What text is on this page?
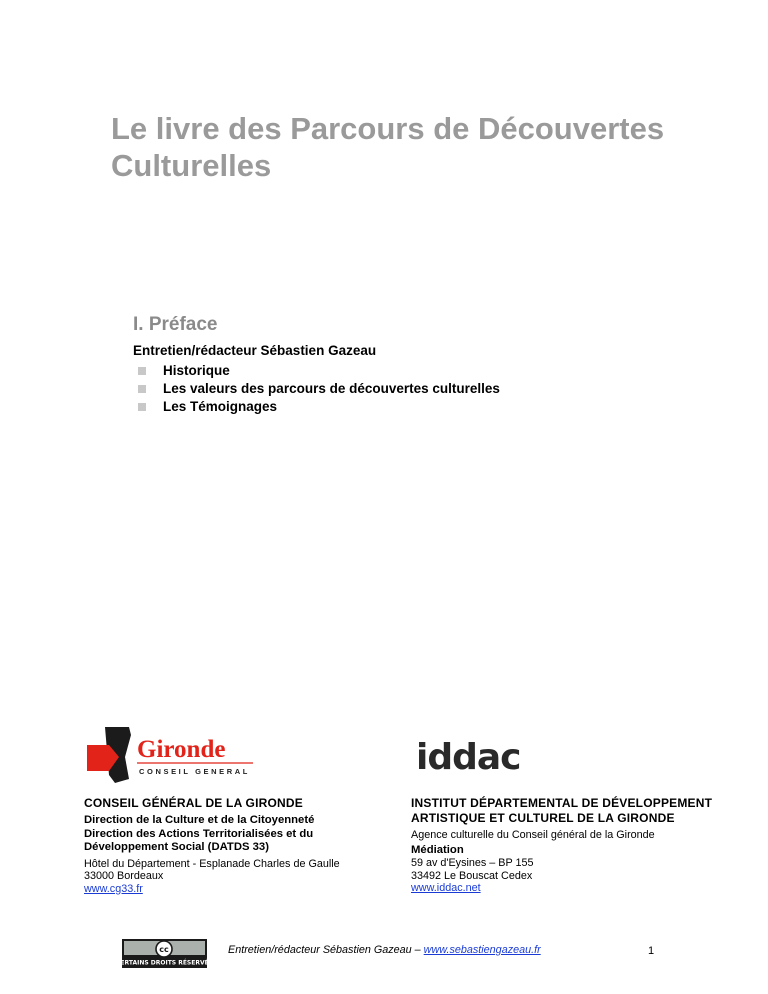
Le livre des Parcours de Découvertes Culturelles
I. Préface

Entretien/rédacteur Sébastien Gazeau

Historique
Les valeurs des parcours de découvertes culturelles
Les Témoignages
Gironde
CONSEIL GENERAL	iddac
CONSEIL GÉNÉRAL DE LA GIRONDE
Direction de la Culture et de la Citoyenneté
Direction des Actions Territorialisées et du
Développement Social (DATDS 33)
Hôtel du Département - Esplanade Charles de Gaulle
33000 Bordeaux
www.cg33.fr
INSTITUT DÉPARTEMENTAL DE DÉVELOPPEMENT
ARTISTIQUE ET CULTUREL DE LA GIRONDE
Agence culturelle du Conseil général de la Gironde
Médiation
59 av d'Eysines – BP 155
33492 Le Bouscat Cedex
www.iddac.net
cc
CERTAINS DROITS RÉSERVÉS
Entretien/rédacteur Sébastien Gazeau – www.sebastiengazeau.fr	1
